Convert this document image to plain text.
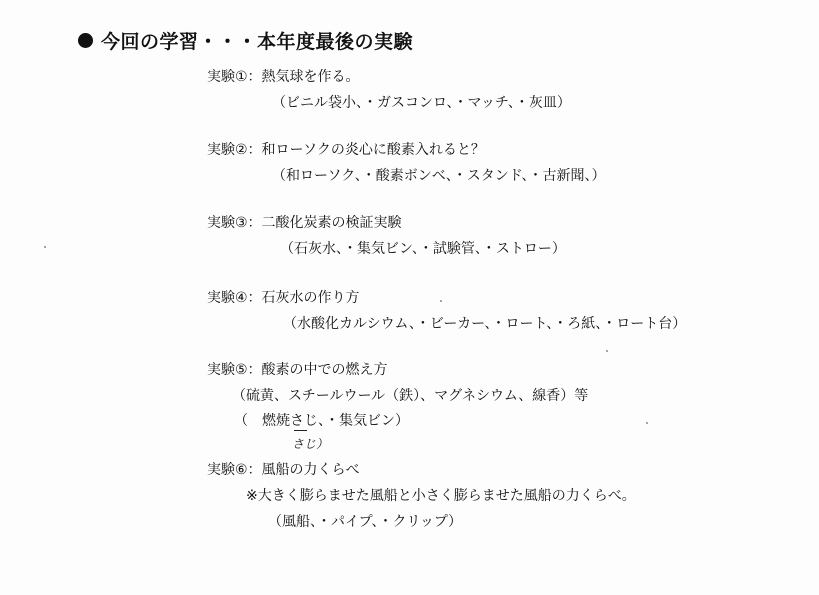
今回の学習・・・本年度最後の実験
実験①：熱気球を作る。
（ビニル袋小、・ガスコンロ、・マッチ、・灰皿）
実験②：和ローソクの炎心に酸素入れると？
（和ローソク、・酸素ボンベ、・スタンド、・古新聞、）
実験③：二酸化炭素の検証実験
（石灰水、・集気ビン、・試験管、・ストロー）
実験④：石灰水の作り方
（水酸化カルシウム、・ビーカー、・ロート、・ろ紙、・ロート台）
実験⑤：酸素の中での燃え方
（硫黄、スチールウール（鉄）、マグネシウム、線香）等
（　燃焼さじ、・集気ビン）
さじ）
実験⑥：風船の力くらべ
※大きく膨らませた風船と小さく膨らませた風船の力くらべ。
（風船、・パイプ、・クリップ）
